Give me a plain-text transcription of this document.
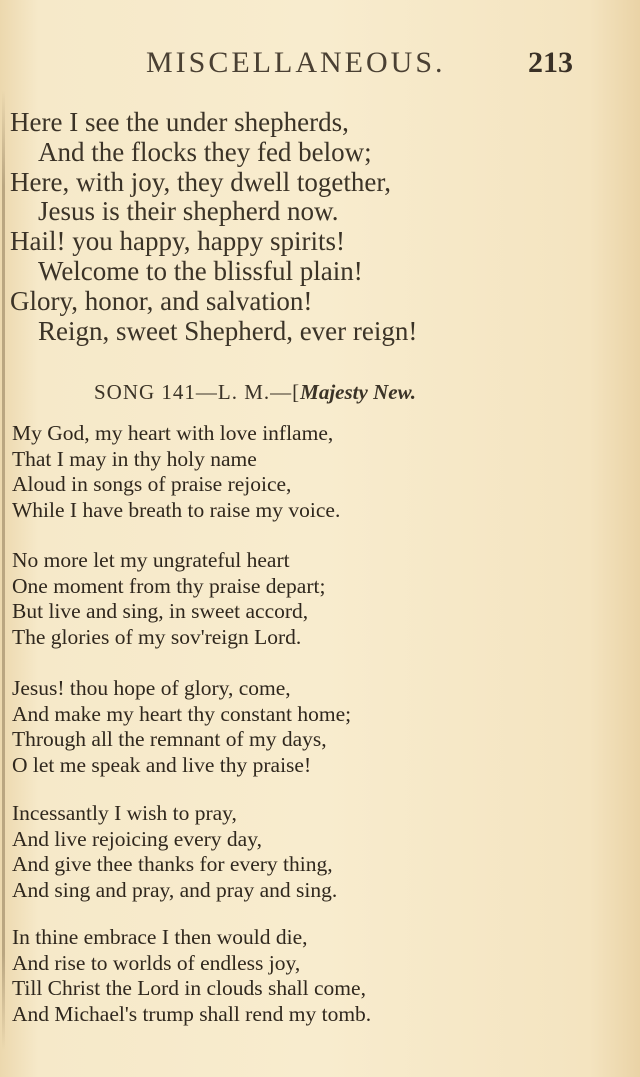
MISCELLANEOUS.	213
Here I see the under shepherds,
And the flocks they fed below;
Here, with joy, they dwell together,
Jesus is their shepherd now.
Hail! you happy, happy spirits!
Welcome to the blissful plain!
Glory, honor, and salvation!
Reign, sweet Shepherd, ever reign!
SONG 141—L. M.—[Majesty New.
My God, my heart with love inflame,
That I may in thy holy name
Aloud in songs of praise rejoice,
While I have breath to raise my voice.
No more let my ungrateful heart
One moment from thy praise depart;
But live and sing, in sweet accord,
The glories of my sov'reign Lord.
Jesus! thou hope of glory, come,
And make my heart thy constant home;
Through all the remnant of my days,
O let me speak and live thy praise!
Incessantly I wish to pray,
And live rejoicing every day,
And give thee thanks for every thing,
And sing and pray, and pray and sing.
In thine embrace I then would die,
And rise to worlds of endless joy,
Till Christ the Lord in clouds shall come,
And Michael's trump shall rend my tomb.
